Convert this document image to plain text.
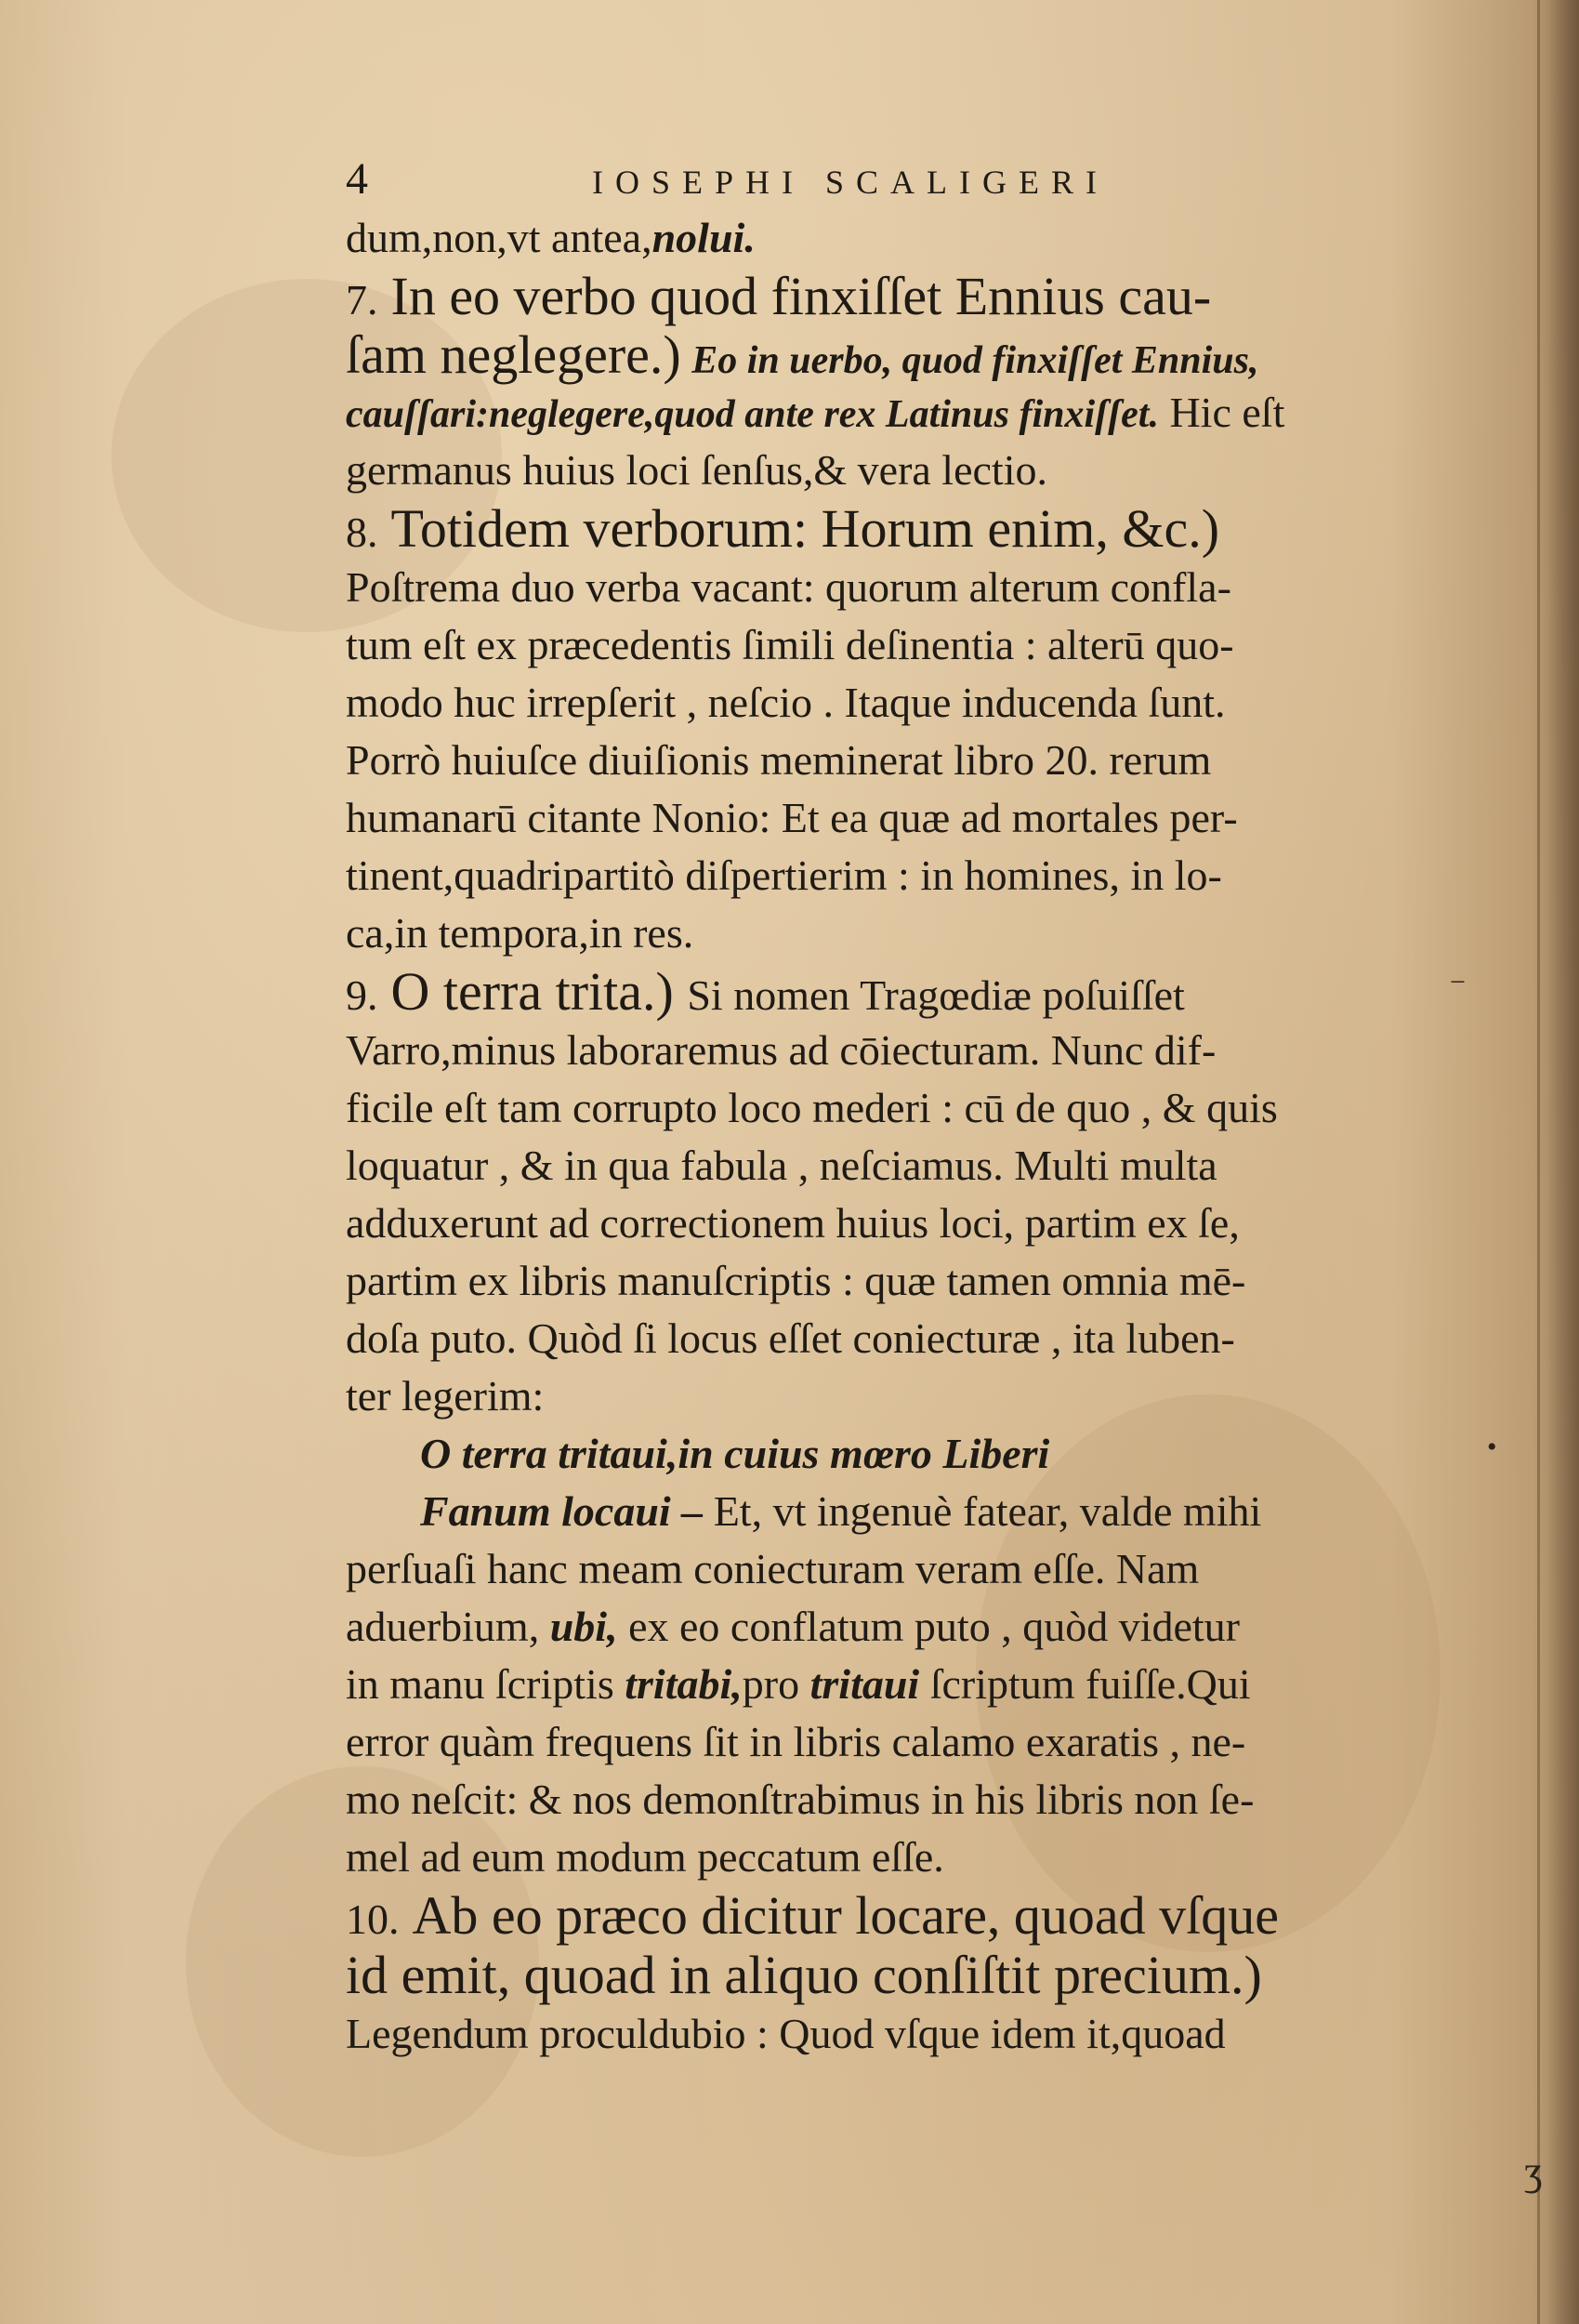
4	IOSEPHI SCALIGERI
dum,non,vt antea,nolui.
7. In eo verbo quod finxiſſet Ennius cau-
ſam neglegere.) Eo in uerbo, quod finxiſſet Ennius,
cauſſari:neglegere,quod ante rex Latinus finxiſſet. Hic eſt
germanus huius loci ſenſus,& vera lectio.
8. Totidem verborum: Horum enim, &c.)
Poſtrema duo verba vacant: quorum alterum confla-
tum eſt ex præcedentis ſimili deſinentia : alterū quo-
modo huc irrepſerit , neſcio . Itaque inducenda ſunt.
Porrò huiuſce diuiſionis meminerat libro 20. rerum
humanarū citante Nonio: Et ea quæ ad mortales per-
tinent,quadripartitò diſpertierim : in homines, in lo-
ca,in tempora,in res.
9. O terra trita.) Si nomen Tragœdiæ poſuiſſet
Varro,minus laboraremus ad cōiecturam. Nunc dif-
ficile eſt tam corrupto loco mederi : cū de quo , & quis
loquatur , & in qua fabula , neſciamus. Multi multa
adduxerunt ad correctionem huius loci, partim ex ſe,
partim ex libris manuſcriptis : quæ tamen omnia mē-
doſa puto. Quòd ſi locus eſſet coniecturæ , ita luben-
ter legerim:
O terra tritaui,in cuius mœro Liberi
Fanum locaui – Et, vt ingenuè fatear, valde mihi
perſuaſi hanc meam coniecturam veram eſſe. Nam
aduerbium, ubi, ex eo conflatum puto , quòd videtur
in manu ſcriptis tritabi,pro tritaui ſcriptum fuiſſe.Qui
error quàm frequens ſit in libris calamo exaratis , ne-
mo neſcit: & nos demonſtrabimus in his libris non ſe-
mel ad eum modum peccatum eſſe.
10. Ab eo præco dicitur locare, quoad vſque
id emit, quoad in aliquo conſiſtit precium.)
Legendum proculdubio : Quod vſque idem it,quoad
−
•
ʒ
